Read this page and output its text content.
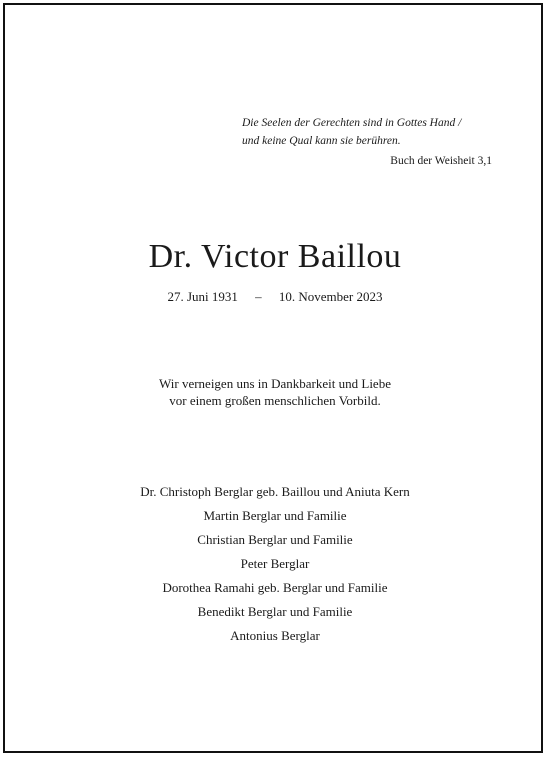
Die Seelen der Gerechten sind in Gottes Hand /
und keine Qual kann sie berühren.
Buch der Weisheit 3,1
Dr. Victor Baillou
27. Juni 1931 – 10. November 2023
Wir verneigen uns in Dankbarkeit und Liebe
vor einem großen menschlichen Vorbild.
Dr. Christoph Berglar geb. Baillou und Aniuta Kern
Martin Berglar und Familie
Christian Berglar und Familie
Peter Berglar
Dorothea Ramahi geb. Berglar und Familie
Benedikt Berglar und Familie
Antonius Berglar
